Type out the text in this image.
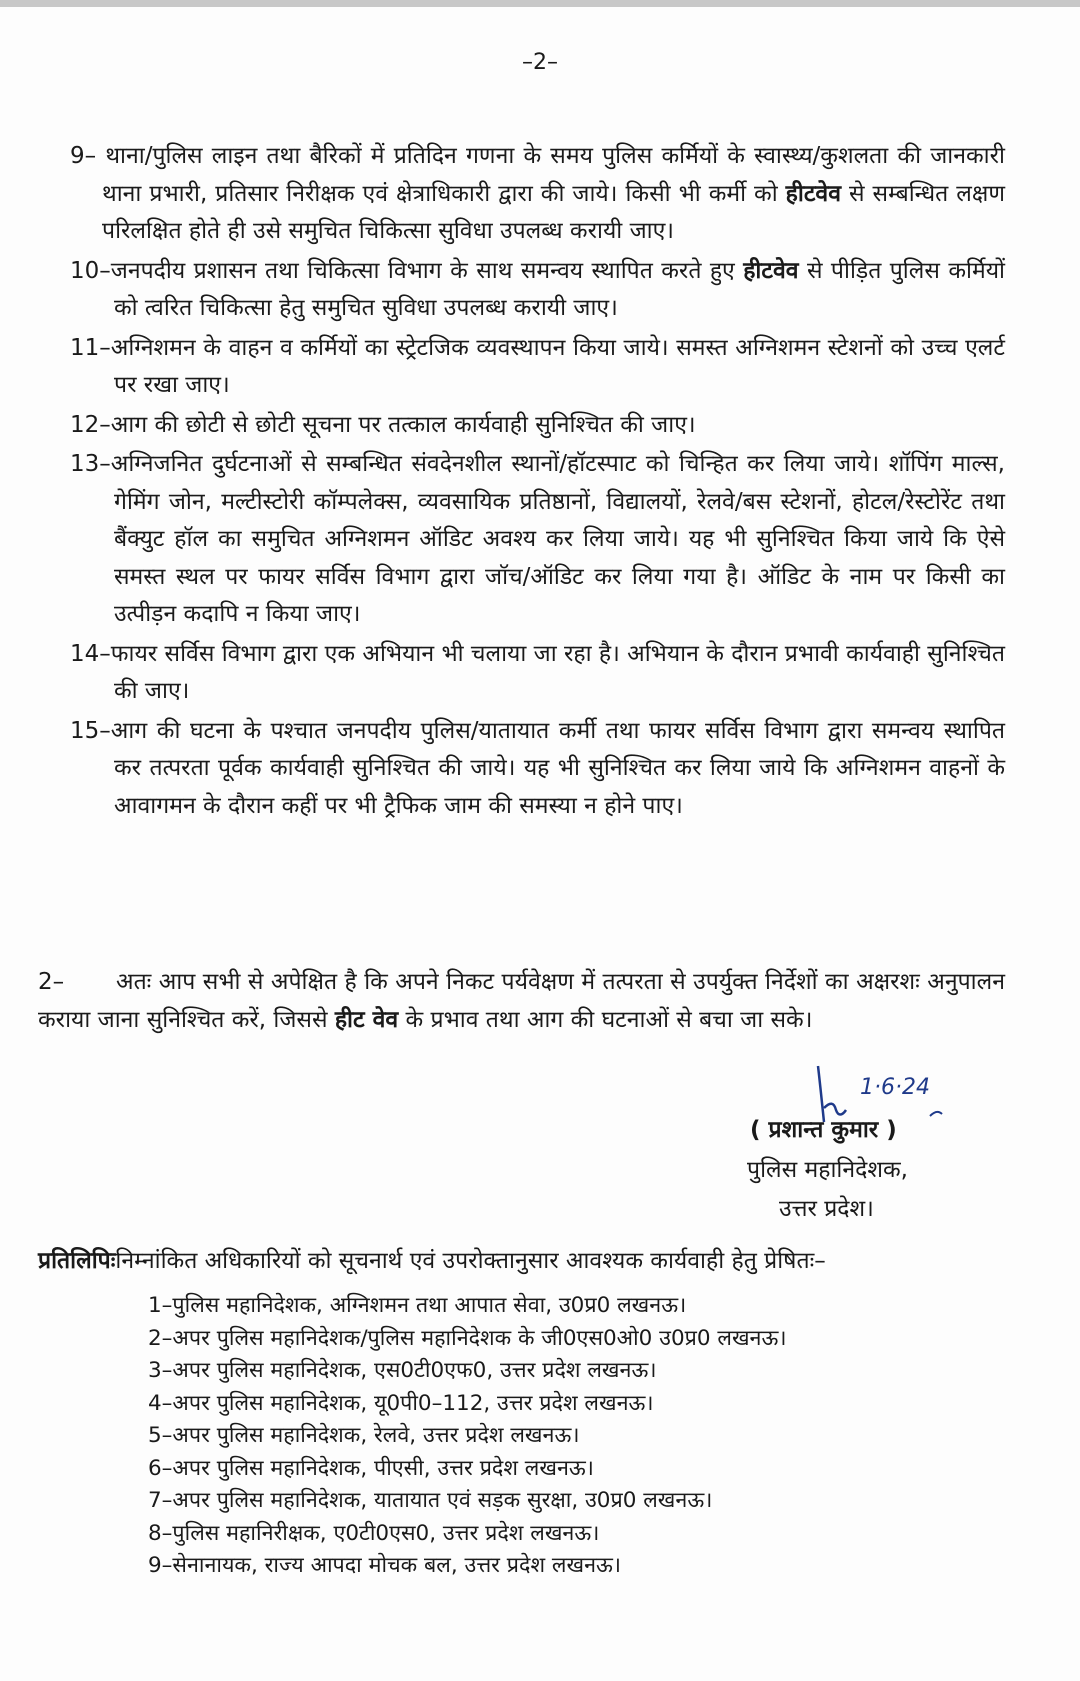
–2–
9– थाना/पुलिस लाइन तथा बैरिकों में प्रतिदिन गणना के समय पुलिस कर्मियों के स्वास्थ्य/कुशलता की जानकारी थाना प्रभारी, प्रतिसार निरीक्षक एवं क्षेत्राधिकारी द्वारा की जाये। किसी भी कर्मी को हीटवेव से सम्बन्धित लक्षण परिलक्षित होते ही उसे समुचित चिकित्सा सुविधा उपलब्ध करायी जाए।
10–जनपदीय प्रशासन तथा चिकित्सा विभाग के साथ समन्वय स्थापित करते हुए हीटवेव से पीड़ित पुलिस कर्मियों को त्वरित चिकित्सा हेतु समुचित सुविधा उपलब्ध करायी जाए।
11–अग्निशमन के वाहन व कर्मियों का स्ट्रेटजिक व्यवस्थापन किया जाये। समस्त अग्निशमन स्टेशनों को उच्च एलर्ट पर रखा जाए।
12–आग की छोटी से छोटी सूचना पर तत्काल कार्यवाही सुनिश्चित की जाए।
13–अग्निजनित दुर्घटनाओं से सम्बन्धित संवदेनशील स्थानों/हॉटस्पाट को चिन्हित कर लिया जाये। शॉपिंग माल्स, गेमिंग जोन, मल्टीस्टोरी कॉम्पलेक्स, व्यवसायिक प्रतिष्ठानों, विद्यालयों, रेलवे/बस स्टेशनों, होटल/रेस्टोरेंट तथा बैंक्युट हॉल का समुचित अग्निशमन ऑडिट अवश्य कर लिया जाये। यह भी सुनिश्चित किया जाये कि ऐसे समस्त स्थल पर फायर सर्विस विभाग द्वारा जॉच/ऑडिट कर लिया गया है। ऑडिट के नाम पर किसी का उत्पीड़न कदापि न किया जाए।
14–फायर सर्विस विभाग द्वारा एक अभियान भी चलाया जा रहा है। अभियान के दौरान प्रभावी कार्यवाही सुनिश्चित की जाए।
15–आग की घटना के पश्चात जनपदीय पुलिस/यातायात कर्मी तथा फायर सर्विस विभाग द्वारा समन्वय स्थापित कर तत्परता पूर्वक कार्यवाही सुनिश्चित की जाये। यह भी सुनिश्चित कर लिया जाये कि अग्निशमन वाहनों के आवागमन के दौरान कहीं पर भी ट्रैफिक जाम की समस्या न होने पाए।
2– अतः आप सभी से अपेक्षित है कि अपने निकट पर्यवेक्षण में तत्परता से उपर्युक्त निर्देशों का अक्षरशः अनुपालन कराया जाना सुनिश्चित करें, जिससे हीट वेव के प्रभाव तथा आग की घटनाओं से बचा जा सके।
1·6·24
( प्रशान्त कुमार )
पुलिस महानिदेशक,
उत्तर प्रदेश।
प्रतिलिपिःनिम्नांकित अधिकारियों को सूचनार्थ एवं उपरोक्तानुसार आवश्यक कार्यवाही हेतु प्रेषितः–
1–पुलिस महानिदेशक, अग्निशमन तथा आपात सेवा, उ0प्र0 लखनऊ।
2–अपर पुलिस महानिदेशक/पुलिस महानिदेशक के जी0एस0ओ0 उ0प्र0 लखनऊ।
3–अपर पुलिस महानिदेशक, एस0टी0एफ0, उत्तर प्रदेश लखनऊ।
4–अपर पुलिस महानिदेशक, यू0पी0–112, उत्तर प्रदेश लखनऊ।
5–अपर पुलिस महानिदेशक, रेलवे, उत्तर प्रदेश लखनऊ।
6–अपर पुलिस महानिदेशक, पीएसी, उत्तर प्रदेश लखनऊ।
7–अपर पुलिस महानिदेशक, यातायात एवं सड़क सुरक्षा, उ0प्र0 लखनऊ।
8–पुलिस महानिरीक्षक, ए0टी0एस0, उत्तर प्रदेश लखनऊ।
9–सेनानायक, राज्य आपदा मोचक बल, उत्तर प्रदेश लखनऊ।
